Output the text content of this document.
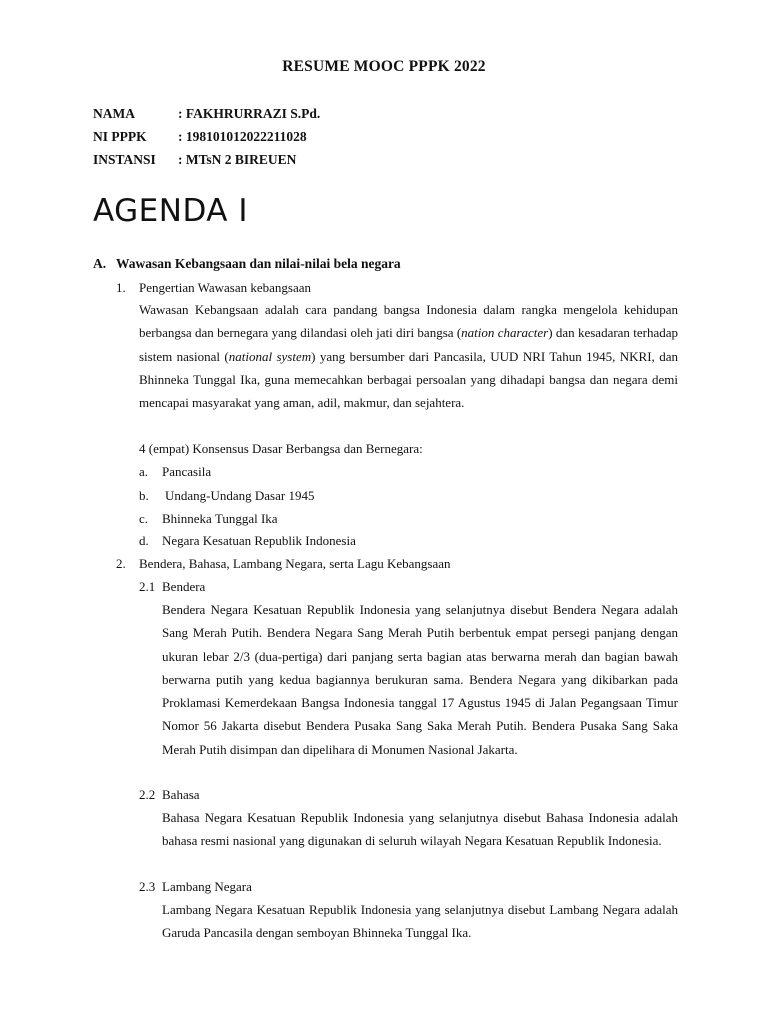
RESUME MOOC PPPK 2022
NAMA	: FAKHRURRAZI S.Pd.
NI PPPK : 198101012022211028
INSTANSI : MTsN 2 BIREUEN
AGENDA I
A. Wawasan Kebangsaan dan nilai-nilai bela negara
1. Pengertian Wawasan kebangsaan
Wawasan Kebangsaan adalah cara pandang bangsa Indonesia dalam rangka mengelola kehidupan berbangsa dan bernegara yang dilandasi oleh jati diri bangsa (nation character) dan kesadaran terhadap sistem nasional (national system) yang bersumber dari Pancasila, UUD NRI Tahun 1945, NKRI, dan Bhinneka Tunggal Ika, guna memecahkan berbagai persoalan yang dihadapi bangsa dan negara demi mencapai masyarakat yang aman, adil, makmur, dan sejahtera.
4 (empat) Konsensus Dasar Berbangsa dan Bernegara:
a. Pancasila
b. Undang-Undang Dasar 1945
c. Bhinneka Tunggal Ika
d. Negara Kesatuan Republik Indonesia
2. Bendera, Bahasa, Lambang Negara, serta Lagu Kebangsaan
2.1 Bendera
Bendera Negara Kesatuan Republik Indonesia yang selanjutnya disebut Bendera Negara adalah Sang Merah Putih. Bendera Negara Sang Merah Putih berbentuk empat persegi panjang dengan ukuran lebar 2/3 (dua-pertiga) dari panjang serta bagian atas berwarna merah dan bagian bawah berwarna putih yang kedua bagiannya berukuran sama. Bendera Negara yang dikibarkan pada Proklamasi Kemerdekaan Bangsa Indonesia tanggal 17 Agustus 1945 di Jalan Pegangsaan Timur Nomor 56 Jakarta disebut Bendera Pusaka Sang Saka Merah Putih. Bendera Pusaka Sang Saka Merah Putih disimpan dan dipelihara di Monumen Nasional Jakarta.
2.2 Bahasa
Bahasa Negara Kesatuan Republik Indonesia yang selanjutnya disebut Bahasa Indonesia adalah bahasa resmi nasional yang digunakan di seluruh wilayah Negara Kesatuan Republik Indonesia.
2.3 Lambang Negara
Lambang Negara Kesatuan Republik Indonesia yang selanjutnya disebut Lambang Negara adalah Garuda Pancasila dengan semboyan Bhinneka Tunggal Ika.
